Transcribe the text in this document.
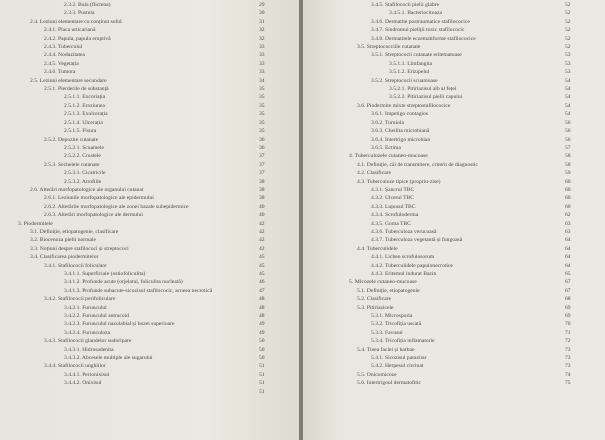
2.3.2. Bula (flictena)	29
2.3.3. Pustula	30
2.4. Leziuni elementare cu conținut solid	31
2.4.1. Placa urticariană	32
2.4.2. Papula, papula eruptivă	32
2.4.3. Tuberculul	33
2.4.4. Noduzitatea	33
2.4.5. Vegetația	33
2.4.6. Tumora	33
2.5. Leziuni elementare secundare	34
2.5.1. Pierderile de substanță	35
2.5.1.1. Excoriația	35
2.5.1.2. Eroziunea	35
2.5.1.3. Exulcerația	35
2.5.1.4. Ulcerația	35
2.5.1.5. Fisura	35
2.5.2. Depozite cutanate	36
2.5.2.1. Scuamele	36
2.5.2.2. Crustele	37
2.5.3. Sechelele cutanate	37
2.5.3.1. Cicatricile	37
2.5.3.2. Atrofiile	38
2.6. Alterări morfopatologice ale organului cutanat	38
2.6.1. Leziunile morfopatologice ale epidermului	38
2.6.2. Alterările morfopatologice ale zonei bazale subepidermice	40
2.6.3. Alterări morfopatologice ale dermului	40
3. Piodermitele	42
3.1. Definiție, etiopatogenie, clasificare	42
3.2. Biocenoza pielii normale	42
3.3. Noțiuni despre stafilococi și streptococi	42
3.4. Clasificarea piodermitelor	45
3.4.1. Stafilococii foliculare	45
3.4.1.1. Superficiale (ostiofoliculita)	45
3.4.1.2. Profunde acute (orjelatul, foliculita nucleată)	46
3.4.1.3. Profunde subacute-sicozisul stafilococic, acneea necrotică	47
3.4.2. Stafilococii perifoliculare	48
3.4.2.1. Furunculul	48
3.4.2.2. Furunculul antracoid	48
3.4.2.3. Furunculul nazolabial și buzei superioare	49
3.4.2.4. Furunculoza	49
3.4.3. Stafilococii glandelor sudoripare	50
3.4.3.1. Hidrosadenita	50
3.4.3.2. Abcesele multiple ale sugarului	50
3.4.4. Stafilococii unghiilor	51
3.4.4.1. Perionixisul	51
3.4.4.2. Onixisul	51
51
3.4.5. Stafilococii pielii glabre	52
3.4.5.1. Bacteriocitoaza	52
3.4.6. Dermatite postraumatice stafilococice	52
3.4.7. Sindromul pieliții toxic stafilococic	52
3.4.8. Dermatitele eczematiforme stafilococice	52
3.5. Streptococciile cutanate	52
3.5.1. Streptococii cutanate eritematoase	53
3.5.1.1. Limfangita	53
3.5.1.2. Erizipelul	53
3.5.2. Streptococii scuamoase	54
3.5.2.1. Pitiriazisul alb al feței	54
3.5.2.2. Pitiriazisul pielii capului	54
3.6. Piodermite mixte streptostafilococice	54
3.6.1. Impetigo contagios	54
3.6.2. Turniola	56
3.6.3. Cheilita microbiană	56
3.6.4. Intertrigo microbian	56
3.6.5. Ectima	57
4. Tuberculozele cutaneo-mucoase	58
4.1. Definiție, căi de transmitere, criterii de diagnostic	58
4.2. Clasificare	59
4.3. Tuberculoze tipice (propriu-zise)	60
4.3.1. Șancrul TBC	60
4.3.2. Ulcerul TBC	60
4.3.3. Lupusul TBC	60
4.3.4. Scrofuloderma	62
4.3.5. Goma TBC	63
4.3.6. Tuberculoza verucoasă	63
4.3.7. Tuberculoza vegetantă și fungoasă	64
4.4. Tuberculidele	64
4.4.1. Lichen scrofulosorum	64
4.4.2. Tuberculidele papulonecrotice	64
4.4.3. Eritemul indurat Bazin	65
5. Micozele cutaneo-mucoase	67
5.1. Definiție, etiopatogenie	67
5.2. Clasificare	68
5.3. Pitiriazicele	69
5.3.1. Microsporia	69
5.3.2. Tricofiția uscată	70
5.3.3. Favusul	71
5.3.4. Tricofiția inflamatorie	72
5.4. Tinea faciei și barbae	73
5.4.1. Sicozisul parazitar	73
5.4.2. Herpesul circinat	73
5.5. Onicomicoze	74
5.6. Intertrigoul dermatofitic	75
